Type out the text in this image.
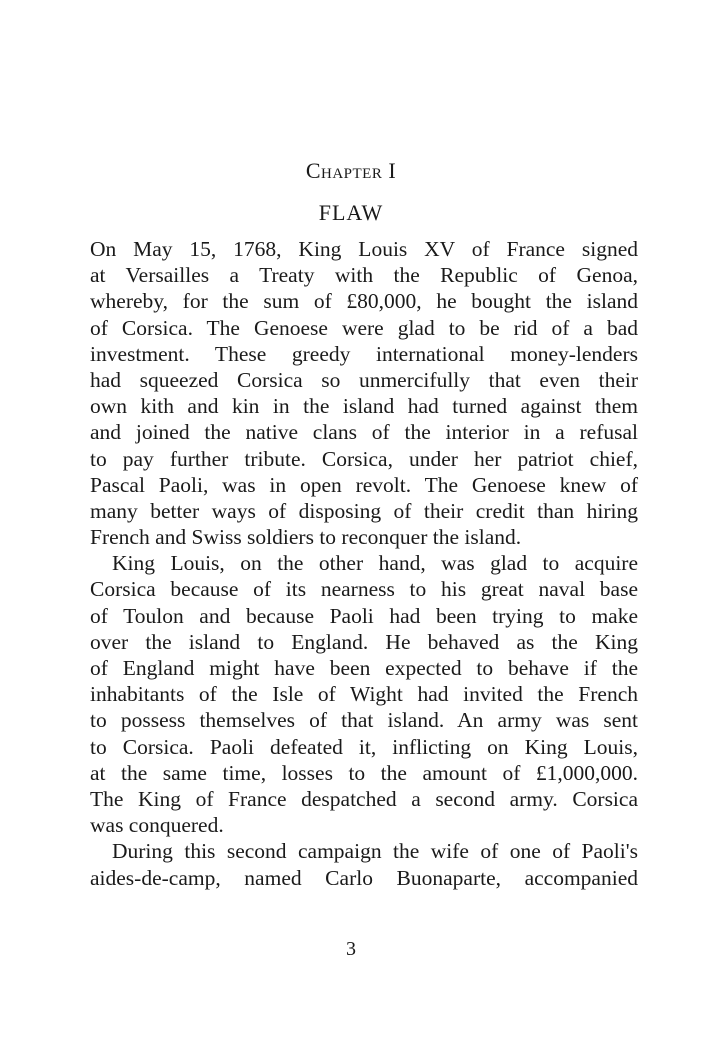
Chapter I
FLAW
On May 15, 1768, King Louis XV of France signed
at Versailles a Treaty with the Republic of Genoa,
whereby, for the sum of £80,000, he bought the island
of Corsica. The Genoese were glad to be rid of a bad
investment. These greedy international money-lenders
had squeezed Corsica so unmercifully that even their
own kith and kin in the island had turned against them
and joined the native clans of the interior in a refusal
to pay further tribute. Corsica, under her patriot chief,
Pascal Paoli, was in open revolt. The Genoese knew of
many better ways of disposing of their credit than hiring
French and Swiss soldiers to reconquer the island.
King Louis, on the other hand, was glad to acquire
Corsica because of its nearness to his great naval base
of Toulon and because Paoli had been trying to make
over the island to England. He behaved as the King
of England might have been expected to behave if the
inhabitants of the Isle of Wight had invited the French
to possess themselves of that island. An army was sent
to Corsica. Paoli defeated it, inflicting on King Louis,
at the same time, losses to the amount of £1,000,000.
The King of France despatched a second army. Corsica
was conquered.
During this second campaign the wife of one of Paoli's
aides-de-camp, named Carlo Buonaparte, accompanied
3
